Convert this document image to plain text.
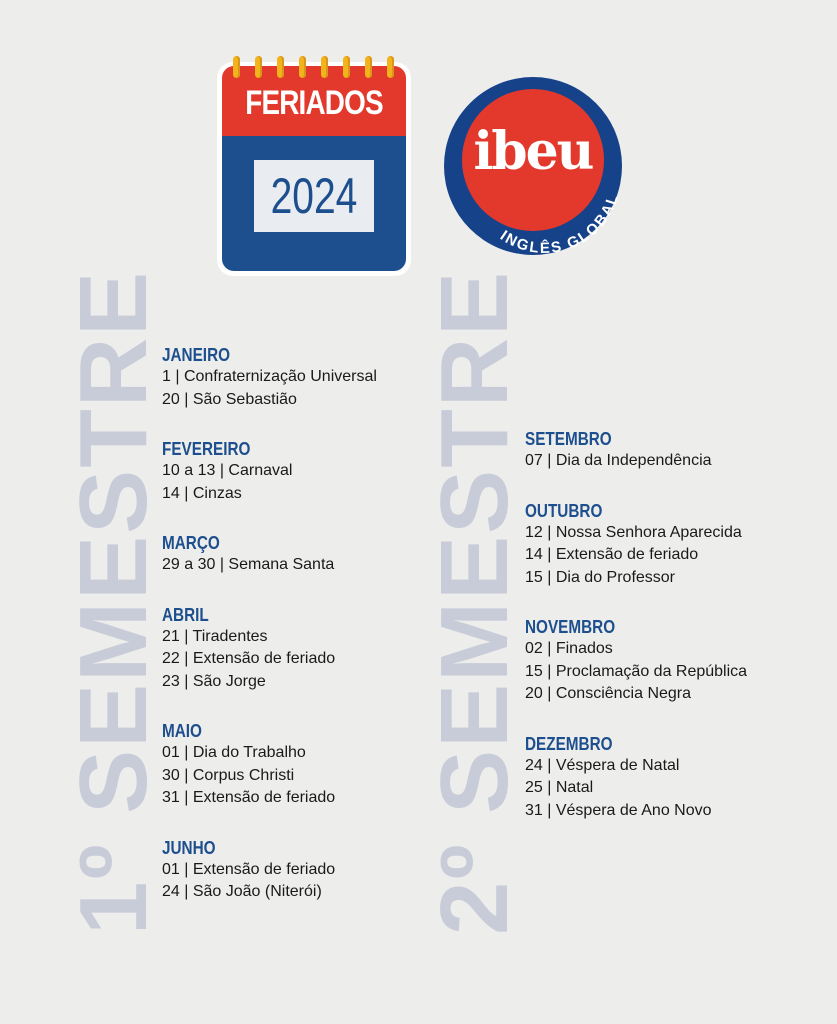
FERIADOS
2024
ibeu
INGLÊS GLOBAL
1º SEMESTRE	2º SEMESTRE
JANEIRO
1 | Confraternização Universal
20 | São Sebastião
FEVEREIRO
10 a 13 | Carnaval
14 | Cinzas
MARÇO
29 a 30 | Semana Santa
ABRIL
21 | Tiradentes
22 | Extensão de feriado
23 | São Jorge
MAIO
01 | Dia do Trabalho
30 | Corpus Christi
31 | Extensão de feriado
JUNHO
01 | Extensão de feriado
24 | São João (Niterói)
SETEMBRO
07 | Dia da Independência
OUTUBRO
12 | Nossa Senhora Aparecida
14 | Extensão de feriado
15 | Dia do Professor
NOVEMBRO
02 | Finados
15 | Proclamação da República
20 | Consciência Negra
DEZEMBRO
24 | Véspera de Natal
25 | Natal
31 | Véspera de Ano Novo
